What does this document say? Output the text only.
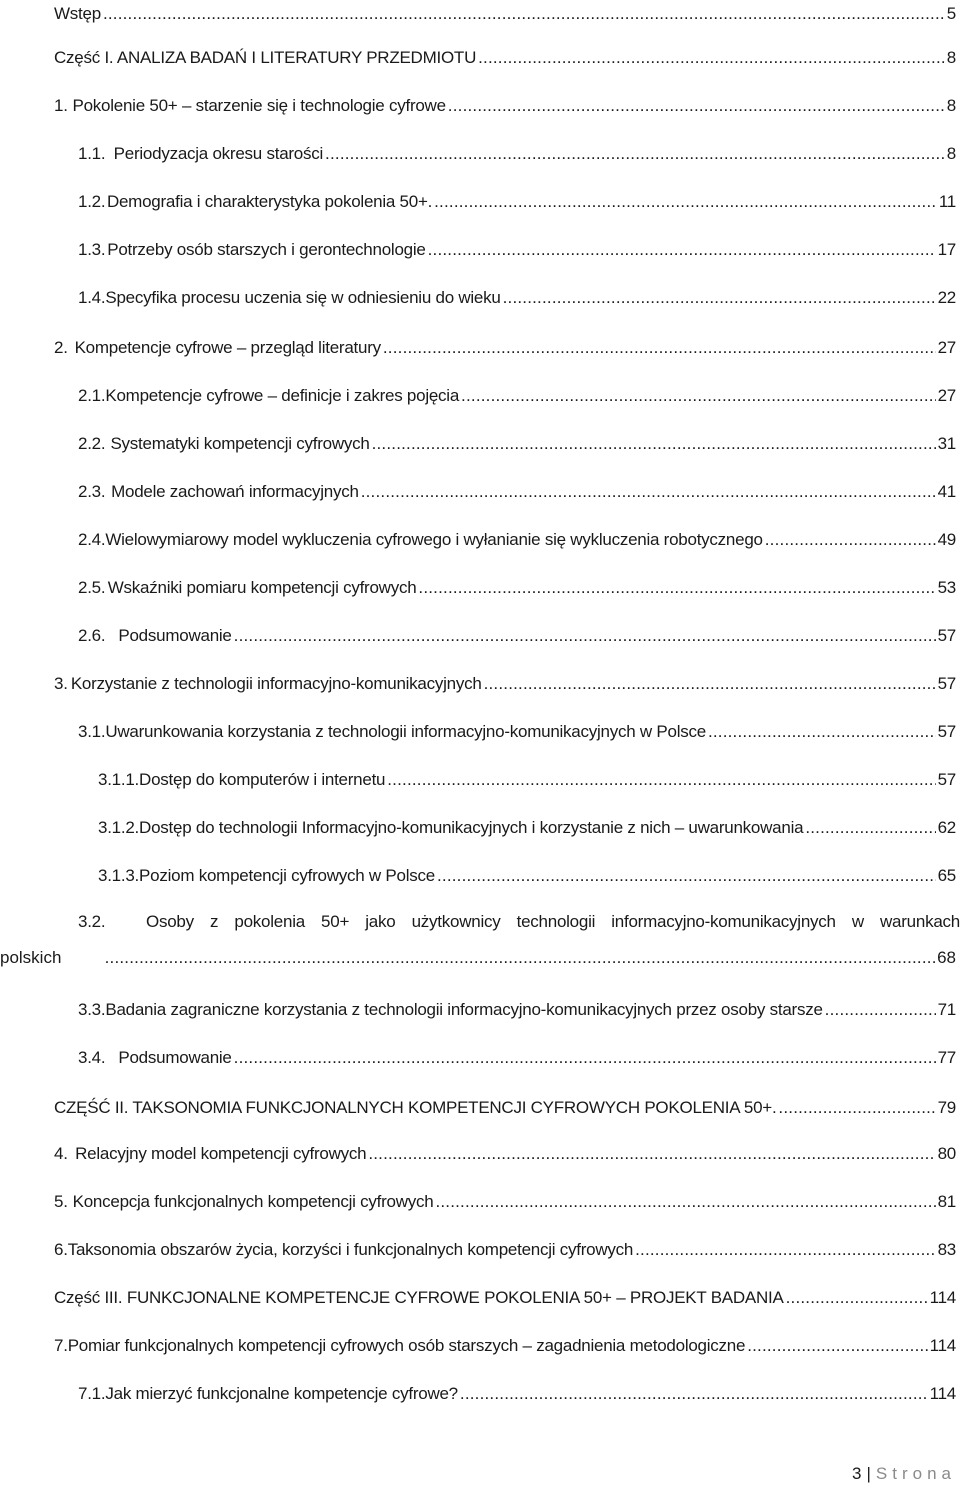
Wstęp .....	5
Część I. ANALIZA BADAŃ I LITERATURY PRZEDMIOTU .....	8
1. Pokolenie 50+ – starzenie się i technologie cyfrowe .....	8
1.1. Periodyzacja okresu starości .....	8
1.2. Demografia i charakterystyka pokolenia 50+. .....	11
1.3. Potrzeby osób starszych i gerontechnologie .....	17
1.4. Specyfika procesu uczenia się w odniesieniu do wieku .....	22
2. Kompetencje cyfrowe – przegląd literatury .....	27
2.1. Kompetencje cyfrowe – definicje i zakres pojęcia .....	27
2.2. Systematyki kompetencji cyfrowych .....	31
2.3. Modele zachowań informacyjnych .....	41
2.4. Wielowymiarowy model wykluczenia cyfrowego i wyłanianie się wykluczenia robotycznego .....	49
2.5. Wskaźniki pomiaru kompetencji cyfrowych .....	53
2.6. Podsumowanie .....	57
3. Korzystanie z technologii informacyjno-komunikacyjnych .....	57
3.1. Uwarunkowania korzystania z technologii informacyjno-komunikacyjnych w Polsce .....	57
3.1.1. Dostęp do komputerów i internetu .....	57
3.1.2. Dostęp do technologii Informacyjno-komunikacyjnych i korzystanie z nich – uwarunkowania .....	62
3.1.3. Poziom kompetencji cyfrowych w Polsce .....	65
3.2.	Osoby z pokolenia 50+ jako użytkownicy technologii informacyjno-komunikacyjnych w warunkach
polskich .....	68
3.3. Badania zagraniczne korzystania z technologii informacyjno-komunikacyjnych przez osoby starsze .....	71
3.4. Podsumowanie .....	77
CZĘŚĆ II. TAKSONOMIA FUNKCJONALNYCH KOMPETENCJI CYFROWYCH POKOLENIA 50+. .....	79
4. Relacyjny model kompetencji cyfrowych .....	80
5. Koncepcja funkcjonalnych kompetencji cyfrowych .....	81
6. Taksonomia obszarów życia, korzyści i funkcjonalnych kompetencji cyfrowych .....	83
Część III. FUNKCJONALNE KOMPETENCJE CYFROWE POKOLENIA 50+ – PROJEKT BADANIA .....	114
7. Pomiar funkcjonalnych kompetencji cyfrowych osób starszych – zagadnienia metodologiczne .....	114
7.1. Jak mierzyć funkcjonalne kompetencje cyfrowe? .....	114
3 | Strona
